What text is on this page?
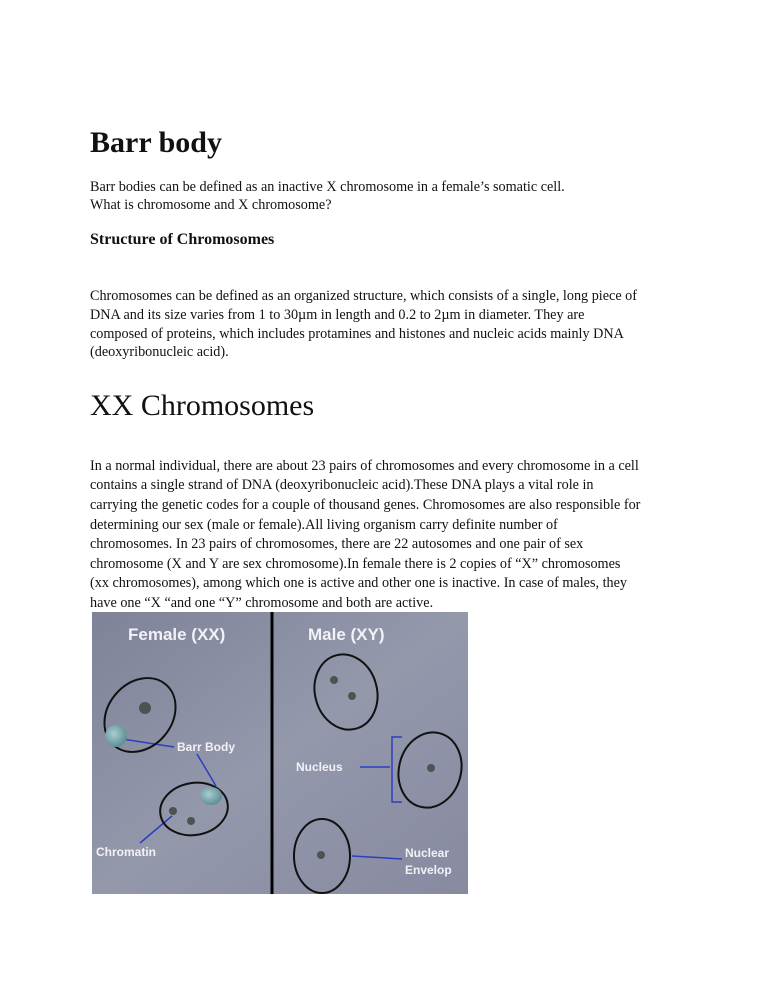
Barr body
Barr bodies can be defined as an inactive X chromosome in a female’s somatic cell.
What is chromosome and X chromosome?
Structure of Chromosomes
Chromosomes can be defined as an organized structure, which consists of a single, long piece of
DNA and its size varies from 1 to 30µm in length and 0.2 to 2µm in diameter. They are
composed of proteins, which includes protamines and histones and nucleic acids mainly DNA
(deoxyribonucleic acid).
XX Chromosomes
In a normal individual, there are about 23 pairs of chromosomes and every chromosome in a cell
contains a single strand of DNA (deoxyribonucleic acid).These DNA plays a vital role in
carrying the genetic codes for a couple of thousand genes. Chromosomes are also responsible for
determining our sex (male or female).All living organism carry definite number of
chromosomes. In 23 pairs of chromosomes, there are 22 autosomes and one pair of sex
chromosome (X and Y are sex chromosome).In female there is 2 copies of “X” chromosomes
(xx chromosomes), among which one is active and other one is inactive. In case of males, they
have one “X “and one “Y” chromosome and both are active.
Female (XX)	Male (XY)
Barr Body
Chromatin
Nucleus
Nuclear
Envelop
